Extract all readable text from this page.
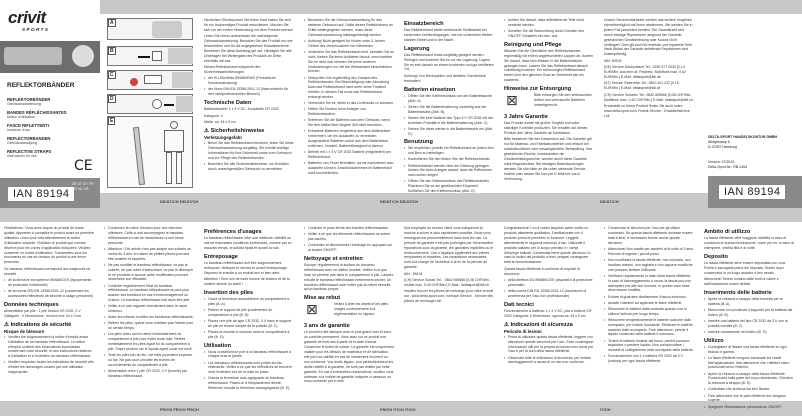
crivit
SPORTS
REFLEKTORBÄNDER
REFLEKTORBÄNDER
Gebrauchsanweisung
BANDES RÉFLÉCHISSANTES
Notice d'utilisation
FASCE RIFLETTENTI
Istruzioni d'uso
REFLECTORBANDEN
Gebruiksaanwijzing
REFLECTIVE STRAPS
Instructions for use
CE
IAN 89194
DE AT CH FR CH NL GB
A
B
C
D
E

Herzlichen Glückwunsch! Mit Ihrem Kauf haben Sie sich für ein hochwertiges Produkt entschieden. Machen Sie sich vor der ersten Verwendung mit dem Produkt vertraut.

Lesen Sie hierzu aufmerksam die nachfolgende Gebrauchsanweisung. Benutzen Sie das Produkt nur wie beschrieben und für die angegebenen Einsatzbereiche. Bewahren Sie diese Anleitung gut auf. Händigen Sie alle Unterlagen bei Weitergabe des Produkts an Dritte ebenfalls mit aus.

Dieses Reflektorband entspricht den Sicherheitsanforderungen

• der EU-Richtlinie 89/686/EWG (Persönliche Schutzausrüstung)
• der Norm DIN EN 13356:2001-12 (Warnzubehör für den nichtprofessionellen Bereich)
Technische Daten

Batteriebetrieb: 1 x 3 V DC, Knopfzelle CR 2032

Kategorie: II

Maße: ca. 44 x 3 cm

⚠ Sicherheitshinweise
Verletzungsgefahr
• Bevor Sie das Reflektorband benutzen, lesen Sie diese Gebrauchsanweisung sorgfältig. Sie enthält wichtige Informationen für Ihre Sicherheit sowie zum Gebrauch und zur Pflege des Reflektorbandes.
• Beachten Sie alle Sicherheitshinweise, um Schäden durch unsachgemäßen Gebrauch zu vermeiden.
• Bewahren Sie die Gebrauchsanweisung für den weiteren Gebrauch auf. Sollte dieses Reflektorband an Dritte weitergegeben werden, muss diese Gebrauchsanweisung mitausgehändigt werden.
• Achtung! Nicht geeignet für Kinder unter 3 Jahren. Gefahr des Verschluckens von Kleinteilen.
• Verändern Sie das Reflektorband nicht, bemalen Sie es nicht, kleben Sie keine Aufkleber darauf, verschneiden Sie es nicht und nehmen Sie keine anderen Veränderungen vor, die die Wirksamkeit einschränken können.
• Überprüfen Sie regelmäßig den Zustand des Reflektorbandes. Bei Beschädigung oder Abnutzung kann das Reflektorband nicht mehr seine Funktion erfüllen. In diesem Fall muss das Reflektorband entsorgt werden.
• Vermeiden Sie es, direkt in das Lichtmodul zu schauen.
• Helfen Sie Kindern beim Anlegen von Reflektorbändern.
• Entfernen Sie die Batterien aus dem Gehäuse, wenn Sie den Artikel über längere Zeit nicht benutzen.
• Entladene Batterien umgehend aus dem Batteriefach entnehmen, um ein Auslaufen zu vermeiden. Ausgelaufene Batterien sofort aus dem Batteriefach entfernen. Vorsicht, Batterieflüssigkeit ist ätzend.
• Betrieb mit 1 x 3 V CR 2032 Batterie (mitgeliefert) pro Reflektorband.
• Batterien von Feuer fernhalten, da sie explodieren oder auslaufen können. Anschlussklemmen im Batteriefach nicht kurzschließen.
Einsatzbereich

Das Reflektorband bietet verbesserte Sichtbarkeit bei schlechten Lichtbedingungen, wie bei schlechtem Wetter, starkem Nebel und in der Nacht.

Lagerung

Das Reflektorband muss sorgfältig gelagert werden. Reinigen und trocknen Sie es vor der Lagerung. Lagern Sie es erst danach an einem trockenen und gut belüfteten Ort.

Achtung! Von Hitzequellen und direktem Sonnenlicht fernhalten!

Batterien einsetzen
• Öffnen Sie den Klettverschluss von der Batterietasche (Abb. A).
• Ziehen Sie die Batteriehalterung vorsichtig aus der Batterietasche (Abb. B).
• Setzen Sie eine Batterie des Typs 3 V CR 2032 mit der korrekten Polarität in die Batteriehalterung (Abb. C).
• Setzen Sie diese wieder in die Batterietasche ein (Abb. D).
Benutzung
• Wir empfehlen, jeweils ein Reflektorband an jedem Arm und Bein zu befestigen.
• Kontrollieren Sie den festen Sitz der Reflektorbänder.
• Reflektorbänder werden über der Kleidung getragen. Achten Sie beim Anlegen darauf, dass die Reflektoren nach außen zeigen.
• Öffnen Sie den Klettverschluss des Reflektorbandes. Platzieren Sie es am gewünschten Körperteil. Schließen Sie den Klettverschluss (Abb. E).
• Achten Sie darauf, dass reflektierende Teile nicht verdeckt werden.
• Schalten Sie die Beleuchtung durch Drücken des ON/OFF-Schalters ein bzw. aus.
Reinigung und Pflege

Wischen Sie die Oberfläche des Reflektorbandes regelmäßig mit einem angefeuchteten Lappen ab. Achten Sie darauf, dass kein Wasser in die Batterietasche gelangen kann. Lassen Sie das Reflektorband danach vollständig trocknen. Ein schmutziges Reflektorband bietet nicht den gleichen Grad an Sicherheit wie ein sauberes.

Hinweise zur Entsorgung

⊠	Bitte entsorgen Sie den verbrauchten Artikel und verbrauchte Batterien umweltgerecht.

3 Jahre Garantie

Das Produkt wurde mit großer Sorgfalt und unter ständiger Kontrolle produziert. Sie erhalten auf dieses Produkt drei Jahre Garantie ab Kaufdatum.

Bitte bewahren Sie den Kassenbon auf. Die Garantie gilt nur für Material- und Fabrikationsfehler und erlischt bei missbräuchlicher oder unsachgemäßer Behandlung. Ihre gesetzlichen Rechte, insbesondere die Gewährleistungsrechte, werden durch diese Garantie nicht eingeschränkt. Bei etwaigen Beanstandungen wenden Sie sich bitte an die unten stehende Service-Hotline oder setzen Sie sich per E-Mail mit uns in Verbindung.

Unsere Servicemitarbeiter werden das weitere Vorgehen schnellstmöglich mit Ihnen abstimmen. Wir werden Sie in jedem Fall persönlich beraten. Die Garantiezeit wird durch etwaige Reparaturen aufgrund der Garantie, gesetzlichen Gewährleistung oder Kulanz nicht verlängert. Dies gilt auch für ersetzte und reparierte Teile. Nach Ablauf der Garantie anfallende Reparaturen sind kostenpflichtig.

IAN: 89194

(DE) Service Deutschland Tel.: 0180 577 2033 [0,14 EUR/Min. aus dem dt. Festnetz, Mobilfunk max. 0,42 EUR/Min.] E-Mail: deltasport@lidl.de

(AT) Service Österreich Tel.: 0820 201 222 [0,15 EUR/Min.] E-Mail: deltasport@lidl.at

(CH) Service Schweiz Tel.: 0842 665566 [0,08 CHF/Min., Mobilfunk max. 0,40 CHF/Min.] E-Mail: deltasport@lidl.ch

Ersatzteile zu Ihrem Produkt finden Sie auch unter: www.delta-sport.com, Rubrik Service - Ersatzteilservice Lidl

Félicitations ! Vous avez acquis un produit de haute qualité. Apprenez à connaître le produit avant sa première utilisation. Lisez pour cela attentivement la notice d'utilisation suivante. N'utilisez le produit que comme décrit et pour les zones d'application indiquées. Veuillez conserver ce notice d'utilisation. Transmettez tous les documents en cas de cession du produit à une tierce personne.

Ce bandeau réfléchissant correspond aux exigences de sécurité

• de la directive européenne 89/686/CEE (équipements de protection individuelle)
• de la norme DIN EN 13356:2001-12 (concernant les accessoires réflecteurs de sécurité à usage personnel)
Données techniques

Alimentation par pile : 1 pile bouton CR 2032, 3 V Catégorie : II Dimensions : environ env. 44 x 3 cm

⚠ Indications de sécurité
Risque de blessure
• Veuillez lire soigneusement la notice d'emploi avant l'utilisation de ce bandeau réfléchissant. La notice d'emploi contient des informations importantes concernant votre sécurité, et des instructions relatives à l'utilisation et à l'entretien du bandeau réfléchissant.
• Veuillez respecter toutes les indications de sécurité afin d'éviter les dommages causés par une utilisation inappropriée.
• Conservez la notice d'emploi pour une relecture ultérieure. Celle-ci doit accompagner le bandeau réfléchissant en cas de transmission à une tierce personne.
• Attention ! Cet article n'est pas adapté aux enfants de moins de 3 ans, en raison de petites pièces pouvant être avalées et aspirées.
• Ne pas modifier le bandeau réfléchissant, ne pas le colorier, ne pas coller d'autocollant, ne pas le découper et ne procéder à aucune autre modification pouvant restreindre son efficacité.
• Contrôler régulièrement l'état du bandeau réfléchissant. Le bandeau réfléchissant ne peut plus assurer ses fonctions en cas d'endommagement ou d'usure. Le bandeau réfléchissant doit alors être jeté.
• Veiller à ne pas regarder directement dans le rayon lumineux.
• Aidez les enfants à mettre les bandeaux réfléchissants.
• Retirez les piles, quand vous n'utilisez pas l'article pour un certain temps.
• Les piles vides sont à retirer immédiatement du compartiment à pile pour éviter toute fuite. Retirez immédiatement les piles ayant fui du compartiment à pile. Soyez prudent car le liquide ayant coulé est nocif.
• Tenir les piles loin du feu, car elles pourraient exploser ou fuir. Ne pas court-circuiter les bornes de raccordements du compartiment à pile.
• Alimentation avec 1 pile CR 2032, 3 V (fournie) par bandeau réfléchissant.
Préférences d'usages

Le bandeau réfléchissant offre une meilleure visibilité en cas de mauvaises conditions lumineuses, comme par ex. mauvais temps, brouillard épais et durant la nuit.

Entreposage

Le bandeau réfléchissant doit être soigneusement entreposé. Nettoyez et séchez-le avant l'entreposage. Déposez-le ensuite à un endroit sec et bien aéré.

Attention ! Tenir loin de toute source de chaleur et de la lumière directe du soleil !

Insertion des piles
• Ouvrir la fermeture autoadhésive du compartiment à piles (ill. A).
• Retirez le support de pile prudemment du compartiment à pile (ill. B).
• Placez une pile de type CR 2032, 3 V dans le support de pile en tenant compte de la polarité (ill. C).
• Placez-le ensuite à nouveau dans le compartiment à pile (ill. D).
Utilisation
• Nous conseillons le port d'un bandeau réfléchissant à chaque bras et jambe.
• Les bandeaux réfléchissants sont portés sur les vêtements. Veillez à ce que les réflecteurs se trouvent vers l'extérieur lors de la mise en place.
• Ouvrez la fermeture auto-agrippante du bandeau réfléchissant. Placez-le à l'emplacement désiré. Refermez ensuite la fermeture autoagrippante (ill. E).
• Contrôler le pose ferme des bandes réfléchissantes.
• Veiller à ce que les éléments réfléchissants ne soient pas cachés.
• Connectez et déconnectez l'éclairage en appuyant sur la touche ON/OFF.
Nettoyage et entretien

Essuyer régulièrement la surface du bandeau réfléchissant avec un chiffon humide. Veillez à ce que l'eau ne pénètre pas dans le compartiment à pile. Laissez ensuite le bandeau réfléchissant entièrement sécher. Un bandeau réfléchissant sale n'offre pas la même sécurité qu'un bandeau propre.

Mise au rebut

⊠	Veillez à jeter les objets et les piles usagés conformément à la réglementation en vigueur.

3 ans de garantie

Le produit a été fabriqué avec le plus grand soin et sous un contrôle permanent. Vous avez sur ce produit une garantie de trois ans à partir de la date d'achat. Conservez le ticket de caisse. La garantie est uniquement valable pour les défauts de matériaux et de fabrication, elle perd sa validité en cas de maniement incorrect ou non conforme. Vos droits légaux, tout particulièrement les droits relatifs à la garantie, ne sont pas limités par cette garantie. En cas d'éventuelles réclamations, veuillez vous adresser à la hotline de garantie indiquée ci-dessous ou nous contacter par e-mail.

Nos employés du service client vous indiqueront la marche à suivre le plus rapidement possible. Nous vous renseignerons personnellement dans tous les cas. La période de garantie n'est pas prolongée par d'éventuelles réparations sous la garantie, les garanties implicites ou le remboursement. Ceci s'applique également aux pièces remplacées et réparées. Les réparations nécessaires sont à la charge de l'acheteur à la fin de la période de garantie.

IAN : 89194

(CH) Service Suisse Tel. : 0842 665566 [0,08 CHF/Min., mobile max. 0,40 CHF/Min.] E-Mail : deltasport@lidl.ch

Veuillez trouver les pièces de rechange pour votre produit sur : www.delta-sport.com, rubrique Service - Service des pièces de rechange Lidl

Congratulazioni! Con il vostro acquisto avete scelto un prodotto altamente qualitativo. Familiarizzate con il prodotto prima di prenderlo in funzione. Leggete attentamente le seguenti istruzioni d'uso. Utilizzate il prodotto soltanto per lo scopo previsto e i campi d'impiego indicati. Conservate bene queste istruzioni. In caso di inoltro del prodotto a terzi, pregasi consegnare tutta la documentazione.

Questa fascia riflettente è conforme ai requisiti di sicurezza:

• della direttiva EU 89/686/CEE (dispositivi di protezione personale)
• della norma DIN EN 13356:2001-12 (accessorio di avvertenza per l'uso non professionale)
Dati tecnici

Funzionamento a batteria: 1 x 3 V DC, pila a bottone CR 2032 Categoria: II Dimensioni: ognuna ca. 44 x 3 cm

⚠ Indicazioni di sicurezza
Pericolo di lesioni
• Prima di utilizzare questa fascia riflettente, leggere con attenzione queste istruzioni per l'uso. Esse contengono informazioni utili per la propria sicurezza così come per l'uso e per la cura della fascia riflettente.
• Osservare tutte le indicazioni di sicurezza, per evitare danneggiamenti a causa di un uso non conforme.
• Conservare le istruzioni per l'uso per gli utilizzi successivi. Se questa fascia riflettente dovesse essere data a terzi, è necessario fornire anche queste istruzioni.
• Attenzione! Non adatto per bambini al di sotto di 3 anni. Pericolo di ingerire i piccoli pezzi.
• Non modificare la fascia riflettente, non colorarla, non incollare adesivi, non tagliarla e non apporre modifiche che possano limitare l'efficacia.
• Verificare regolarmente lo stato della fascia riflettente. In caso di danneggiamento o usura, la fascia può non adempiere più alle sue funzioni. In questo caso essa deve essere smaltita.
• Evitare di guardare direttamente il fascio luminoso.
• Aiutate i bambini ad applicare le fasce riflettenti.
• Rimuovere le batterie dalla custodia quando non si utilizza l'articolo per lungo tempo.
• Rimuovere tempestivamente le batterie scariche dallo scomparto, per evitare fuoriuscite. Eliminare le batterie scariche dallo scomparto. Fare attenzione, perché il liquido contenuto nella batteria è corrosivo.
• Tenere le batterie lontane dal fuoco, perché possono esplodere o perdere liquido. Non cortocircuitare i morsetti di collegamento nello scomparto della batteria.
• Funzionamento con 1 x batteria CR 2032 da 3 V (inclusa) per ogni fascia riflettente.
Ambito di utilizzo

La fascia riflettente offre maggiore visibilità in caso di condizioni di scarsa illuminazione, come per es. in caso di intemperie, nebbia fitta e di notte.

Deposito

La fascia riflettente deve essere depositata con cura. Pulirla e asciugarla prima del deposito. Subito dopo conservarla in un luogo asciutto e ben aerato.

Attenzione! Tenere lontano dalle fonti di calore e dall'irradiazione solare diretta!

Inserimento delle batterie
• Aprire la chiusura a strappo della borsetta per la batteria (ill. A).
• Rimuovere con prudenza il supporto per la batteria dal fodero (ill. B).
• Inserire una batteria del tipo CR 2032 da 3 V con la polarità corretta (ill. C).
• Inserire nuovamente nel fodero (ill. D).
Utilizzo
• Consigliamo di fissare una fascia riflettente su ogni braccio e gamba.
• Le fasce riflettenti vengono indossate sui vestiti. Nell'applicazione, fare attenzione che i riflettori siano posizionati verso l'esterno.
• Aprire la chiusura a strappo della fascia riflettente. Posizionarla sulla parte del corpo desiderata. Chiudere la chiusura a strappo (ill. E).
• Controllare che la fascia sia ben fissata.
• Fare attenzione che le parti riflettenti non vengano coperte.
• Spegnere l'illuminazione premendo su ON/OFF.
DELTA-SPORT HANDELSKONTOR GMBH
Wragekamp 6
D-22397 Hamburg
Version: 07/2013
Delta-Sport-Nr.: RB-1464
IAN 89194
DE/AT/CH DE/AT/CH	DE/AT/CH DE/AT/CH	DE/AT/CH
FR/CH FR/CH FR/CH	FR/CH IT/CH IT/CH	IT/CH
